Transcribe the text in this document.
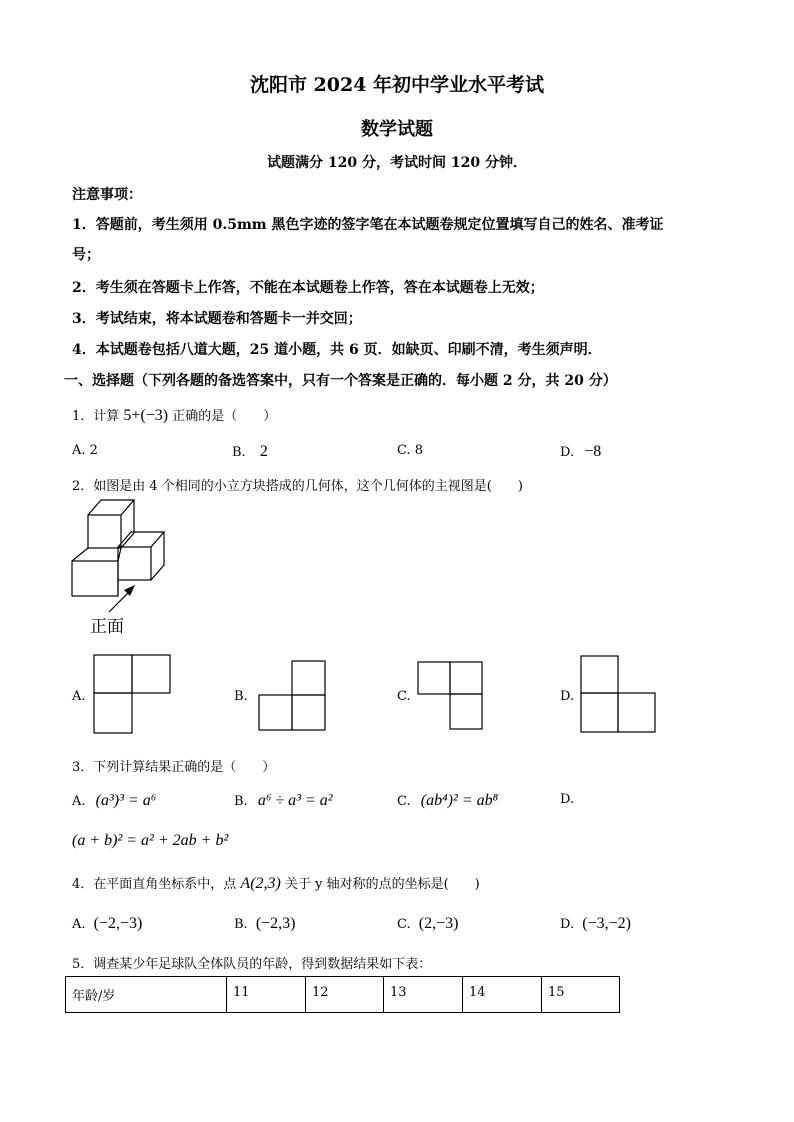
沈阳市 2024 年初中学业水平考试
数学试题
试题满分 120 分，考试时间 120 分钟．
注意事项：
1．答题前，考生须用 0.5mm 黑色字迹的签字笔在本试题卷规定位置填写自己的姓名、准考证
号；
2．考生须在答题卡上作答，不能在本试题卷上作答，答在本试题卷上无效；
3．考试结束，将本试题卷和答题卡一并交回；
4．本试题卷包括八道大题，25 道小题，共 6 页．如缺页、印刷不清，考生须声明．
一、选择题（下列各题的备选答案中，只有一个答案是正确的．每小题 2 分，共 20 分）
1．计算 5+(−3) 正确的是（　　）
A. 2	B. 2	C. 8	D. −8
2．如图是由 4 个相同的小立方块搭成的几何体，这个几何体的主视图是(　　)
正面
A.	B.	C.	D.
3．下列计算结果正确的是（　　）
A. (a³)³ = a⁶	B. a⁶ ÷ a³ = a²	C. (ab⁴)² = ab⁸	D.
(a + b)² = a² + 2ab + b²
4．在平面直角坐标系中，点 A(2,3) 关于 y 轴对称的点的坐标是(　　)
A. (−2,−3)	B. (−2,3)	C. (2,−3)	D. (−3,−2)
5．调查某少年足球队全体队员的年龄，得到数据结果如下表：
年龄/岁	11	12	13	14	15
